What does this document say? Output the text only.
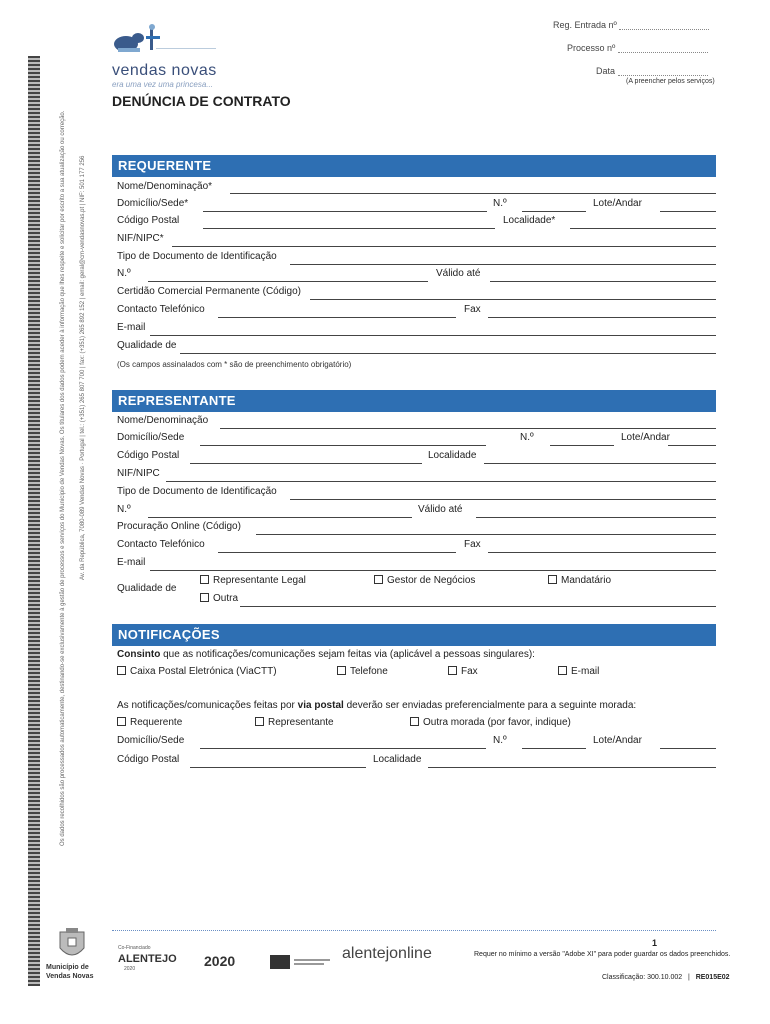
Av. da República, 7080-089 Vendas Novas · Portugal | tel.: (+351) 265 807 700 | fax: (+351) 265 892 152 | email: geral@cm-vendasnovas.pt | NIF: 501 177 256
Os dados recolhidos são processados automaticamente, destinando-se exclusivamente à gestão de processos e serviços do Município de Vendas Novas. Os titulares dos dados podem aceder à informação que lhes respeite e solicitar por escrito a sua atualização ou correção.
vendas novas
era uma vez uma princesa...
Reg. Entrada nº
Processo nº
Data
(A preencher pelos serviços)
DENÚNCIA DE CONTRATO
REQUERENTE
Nome/Denominação*
Domicílio/Sede*	N.º	Lote/Andar
Código Postal	Localidade*
NIF/NIPC*
Tipo de Documento de Identificação
N.º	Válido até
Certidão Comercial Permanente (Código)
Contacto Telefónico	Fax
E-mail
Qualidade de
(Os campos assinalados com * são de preenchimento obrigatório)
REPRESENTANTE
Nome/Denominação
Domicílio/Sede	N.º	Lote/Andar
Código Postal	Localidade
NIF/NIPC
Tipo de Documento de Identificação
N.º	Válido até
Procuração Online (Código)
Contacto Telefónico	Fax
E-mail
Qualidade de
Representante Legal	Gestor de Negócios	Mandatário
Outra
NOTIFICAÇÕES
Consinto que as notificações/comunicações sejam feitas via (aplicável a pessoas singulares):
Caixa Postal Eletrónica (ViaCTT)	Telefone	Fax	E-mail
As notificações/comunicações feitas por via postal deverão ser enviadas preferencialmente para a seguinte morada:
Requerente	Representante	Outra morada (por favor, indique)
Domicílio/Sede	N.º	Lote/Andar
Código Postal	Localidade
Município de
Vendas Novas
Co-Financiado
ALENTEJO
2020	2020	alentejonline
1
Requer no mínimo a versão "Adobe XI" para poder guardar os dados preenchidos.
Classificação: 300.10.002 | RE015E02
